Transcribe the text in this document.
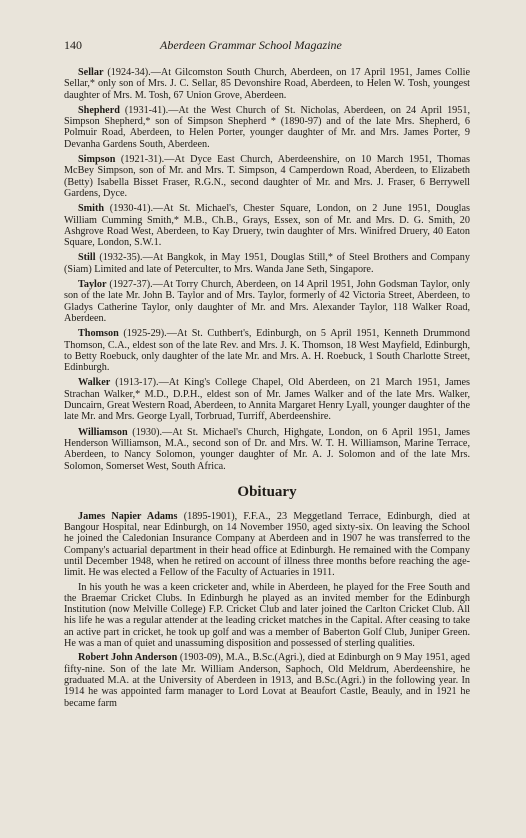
140	Aberdeen Grammar School Magazine

Sellar (1924-34).—At Gilcomston South Church, Aberdeen, on 17 April 1951, James Collie Sellar,* only son of Mrs. J. C. Sellar, 85 Devonshire Road, Aberdeen, to Helen W. Tosh, youngest daughter of Mrs. M. Tosh, 67 Union Grove, Aberdeen.

Shepherd (1931-41).—At the West Church of St. Nicholas, Aberdeen, on 24 April 1951, Simpson Shepherd,* son of Simpson Shepherd * (1890-97) and of the late Mrs. Shepherd, 6 Polmuir Road, Aberdeen, to Helen Porter, younger daughter of Mr. and Mrs. James Porter, 9 Devanha Gardens South, Aberdeen.

Simpson (1921-31).—At Dyce East Church, Aberdeenshire, on 10 March 1951, Thomas McBey Simpson, son of Mr. and Mrs. T. Simpson, 4 Camperdown Road, Aberdeen, to Elizabeth (Betty) Isabella Bisset Fraser, R.G.N., second daughter of Mr. and Mrs. J. Fraser, 6 Berrywell Gardens, Dyce.

Smith (1930-41).—At St. Michael's, Chester Square, London, on 2 June 1951, Douglas William Cumming Smith,* M.B., Ch.B., Grays, Essex, son of Mr. and Mrs. D. G. Smith, 20 Ashgrove Road West, Aberdeen, to Kay Druery, twin daughter of Mrs. Winifred Druery, 40 Eaton Square, London, S.W.1.

Still (1932-35).—At Bangkok, in May 1951, Douglas Still,* of Steel Brothers and Company (Siam) Limited and late of Peterculter, to Mrs. Wanda Jane Seth, Singapore.

Taylor (1927-37).—At Torry Church, Aberdeen, on 14 April 1951, John Godsman Taylor, only son of the late Mr. John B. Taylor and of Mrs. Taylor, formerly of 42 Victoria Street, Aberdeen, to Gladys Catherine Taylor, only daughter of Mr. and Mrs. Alexander Taylor, 118 Walker Road, Aberdeen.

Thomson (1925-29).—At St. Cuthbert's, Edinburgh, on 5 April 1951, Kenneth Drummond Thomson, C.A., eldest son of the late Rev. and Mrs. J. K. Thomson, 18 West Mayfield, Edinburgh, to Betty Roebuck, only daughter of the late Mr. and Mrs. A. H. Roebuck, 1 South Charlotte Street, Edinburgh.

Walker (1913-17).—At King's College Chapel, Old Aberdeen, on 21 March 1951, James Strachan Walker,* M.D., D.P.H., eldest son of Mr. James Walker and of the late Mrs. Walker, Duncairn, Great Western Road, Aberdeen, to Annita Margaret Henry Lyall, younger daughter of the late Mr. and Mrs. George Lyall, Torbruad, Turriff, Aberdeenshire.

Williamson (1930).—At St. Michael's Church, Highgate, London, on 6 April 1951, James Henderson Williamson, M.A., second son of Dr. and Mrs. W. T. H. Williamson, Marine Terrace, Aberdeen, to Nancy Solomon, younger daughter of Mr. A. J. Solomon and of the late Mrs. Solomon, Somerset West, South Africa.

Obituary

James Napier Adams (1895-1901), F.F.A., 23 Meggetland Terrace, Edinburgh, died at Bangour Hospital, near Edinburgh, on 14 November 1950, aged sixty-six. On leaving the School he joined the Caledonian Insurance Company at Aberdeen and in 1907 he was transferred to the Company's actuarial department in their head office at Edinburgh. He remained with the Company until December 1948, when he retired on account of illness three months before reaching the age-limit. He was elected a Fellow of the Faculty of Actuaries in 1911.

In his youth he was a keen cricketer and, while in Aberdeen, he played for the Free South and the Braemar Cricket Clubs. In Edinburgh he played as an invited member for the Edinburgh Institution (now Melville College) F.P. Cricket Club and later joined the Carlton Cricket Club. All his life he was a regular attender at the leading cricket matches in the Capital. After ceasing to take an active part in cricket, he took up golf and was a member of Baberton Golf Club, Juniper Green. He was a man of quiet and unassuming disposition and possessed of sterling qualities.

Robert John Anderson (1903-09), M.A., B.Sc.(Agri.), died at Edinburgh on 9 May 1951, aged fifty-nine. Son of the late Mr. William Anderson, Saphoch, Old Meldrum, Aberdeenshire, he graduated M.A. at the University of Aberdeen in 1913, and B.Sc.(Agri.) in the following year. In 1914 he was appointed farm manager to Lord Lovat at Beaufort Castle, Beauly, and in 1921 he became farm
